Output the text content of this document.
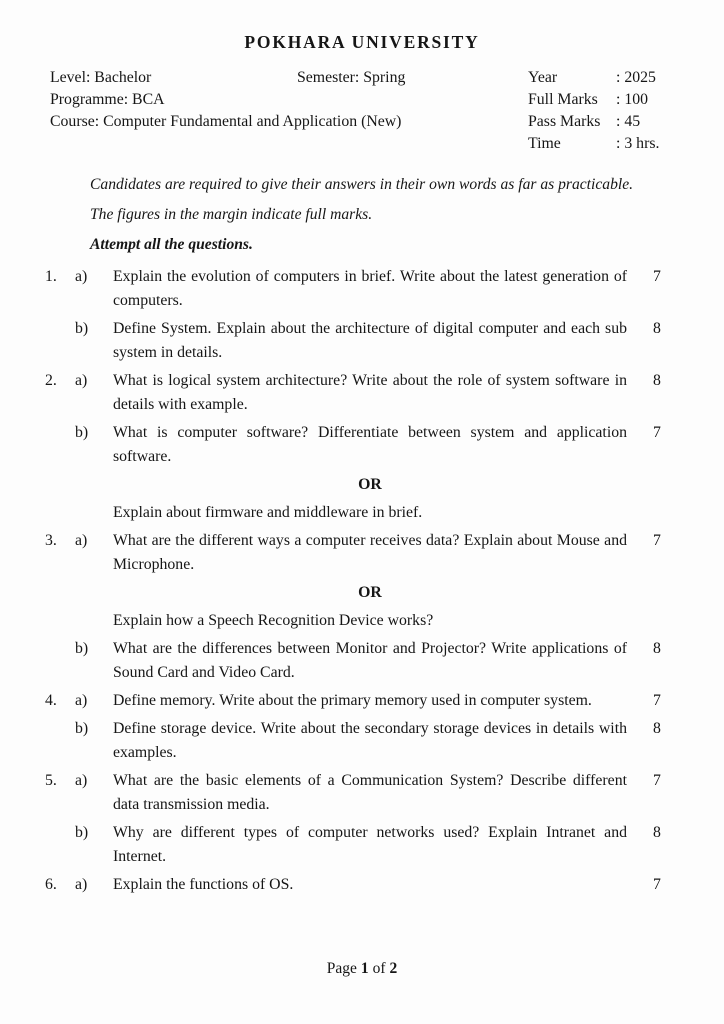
POKHARA UNIVERSITY
Level: Bachelor	Semester: Spring
Programme: BCA
Course: Computer Fundamental and Application (New)
Year	: 2025
Full Marks : 100
Pass Marks : 45
Time	: 3 hrs.
Candidates are required to give their answers in their own words as far as practicable.
The figures in the margin indicate full marks.
Attempt all the questions.
1.	a)	Explain the evolution of computers in brief. Write about the latest generation of computers.
7
b)	Define System. Explain about the architecture of digital computer and each sub system in details.
8
2.	a)	What is logical system architecture? Write about the role of system software in details with example.
8
b)	What is computer software? Differentiate between system and application software.
7
OR
Explain about firmware and middleware in brief.
3.	a)	What are the different ways a computer receives data? Explain about Mouse and Microphone.
7
OR
Explain how a Speech Recognition Device works?
b)	What are the differences between Monitor and Projector? Write applications of Sound Card and Video Card.
8
4.	a)	Define memory. Write about the primary memory used in computer system.	7
b)	Define storage device. Write about the secondary storage devices in details with examples.
8
5.	a)	What are the basic elements of a Communication System? Describe different data transmission media.
7
b)	Why are different types of computer networks used? Explain Intranet and Internet.
8
6.	a)	Explain the functions of OS.	7
Page 1 of 2
